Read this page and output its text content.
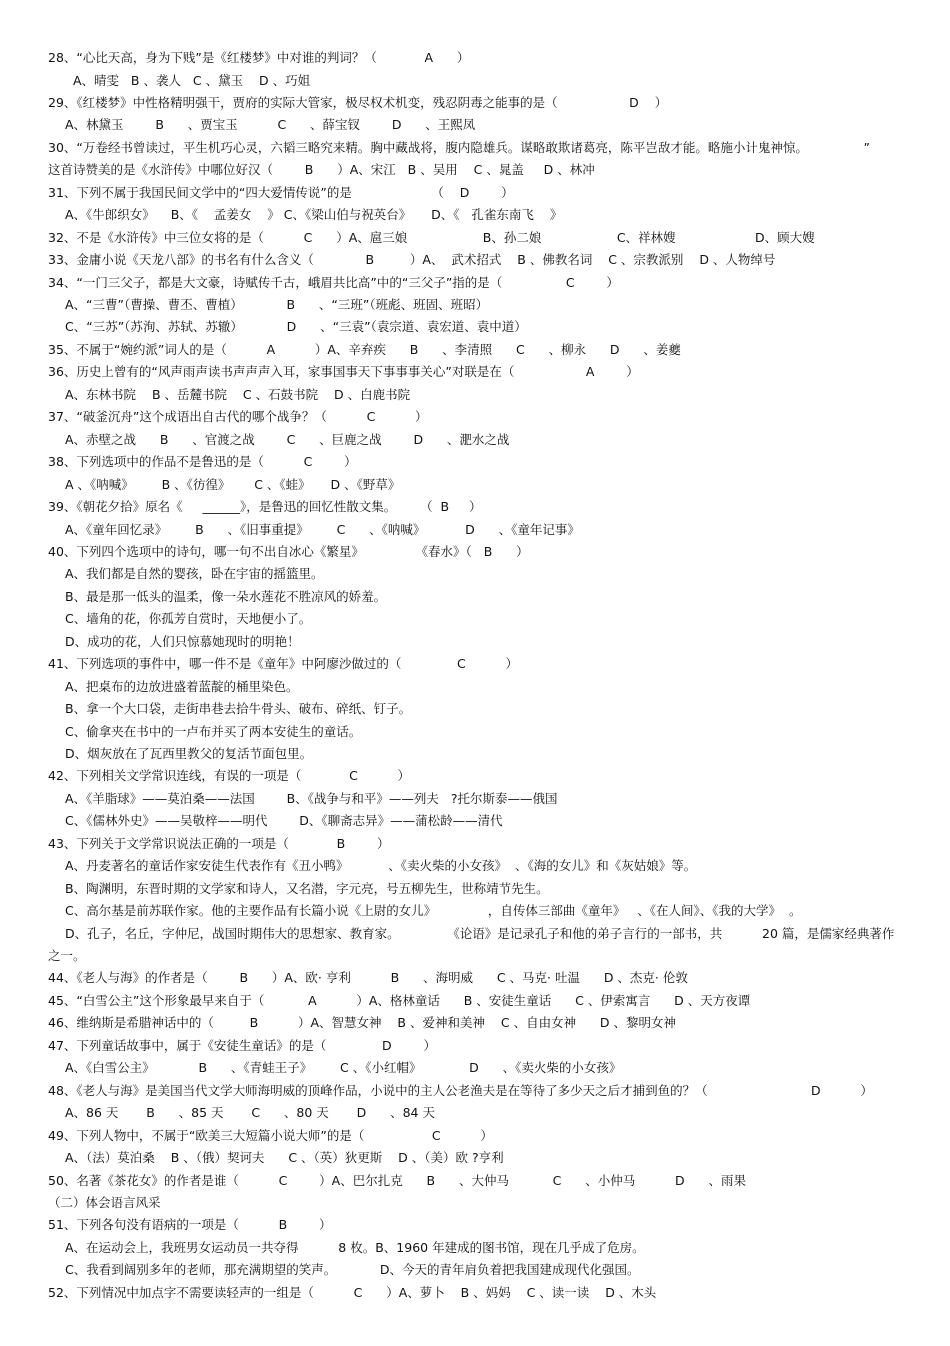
28、“心比天高，身为下贱”是《红楼梦》中对谁的判词？（            A      ）
A、晴雯   B 、袭人   C 、黛玉    D 、巧姐
29、《红楼梦》中性格精明强干，贾府的实际大管家，极尽权术机变，残忍阴毒之能事的是（                  D    ）
A、林黛玉        B      、贾宝玉          C      、薛宝钗        D      、王熙凤
30、“万卷经书曾读过，平生机巧心灵，六韬三略究来精。胸中藏战将，腹内隐雄兵。谋略敢欺诸葛亮，陈平岂敌才能。略施小计鬼神惊。              ”
这首诗赞美的是《水浒传》中哪位好汉（        B      ）A、宋江   B 、吴用    C 、晁盖     D 、林冲
31、下列不属于我国民间文学中的“四大爱情传说”的是                    （    D        ）
A、《牛郎织女》    B、《    孟姜女    》 C、《梁山伯与祝英台》     D、《   孔雀东南飞    》
32、不是《水浒传》中三位女将的是（          C      ）A、扈三娘                   B、孙二娘                   C、祥林嫂                    D、顾大嫂
33、金庸小说《天龙八部》的书名有什么含义（             B         ）A、  武术招式    B 、佛教名词    C 、宗教派别    D 、人物绰号
34、“一门三父子，都是大文豪，诗赋传千古，峨眉共比高”中的“三父子”指的是（                C        ）
A、“三曹”（曹操、曹丕、曹植）           B      、“三班”（班彪、班固、班昭）
C、“三苏”（苏洵、苏轼、苏辙）           D      、“三袁”（袁宗道、袁宏道、袁中道）
35、不属于“婉约派”词人的是（          A          ）A、辛弃疾      B      、李清照      C      、柳永      D      、姜夔
36、历史上曾有的“风声雨声读书声声声入耳，家事国事天下事事事关心”对联是在（                  A        ）
A、东林书院    B 、岳麓书院    C 、石鼓书院    D 、白鹿书院
37、“破釜沉舟”这个成语出自古代的哪个战争？（          C          ）
A、赤壁之战      B      、官渡之战        C      、巨鹿之战        D      、淝水之战
38、下列选项中的作品不是鲁迅的是（          C        ）
A 、《呐喊》       B 、《彷徨》      C 、《蛙》     D 、《野草》
39、《朝花夕拾》原名《     ______》，是鲁迅的回忆性散文集。      （  B     ）
A、《童年回忆录》       B      、《旧事重提》       C      、《呐喊》          D      、《童年记事》
40、下列四个选项中的诗句，哪一句不出自冰心《繁星》             《春水》（   B      ）
A、我们都是自然的婴孩，卧在宇宙的摇篮里。
B、最是那一低头的温柔，像一朵水莲花不胜凉风的娇羞。
C、墙角的花，你孤芳自赏时，天地便小了。
D、成功的花，人们只惊慕她现时的明艳！
41、下列选项的事件中，哪一件不是《童年》中阿廖沙做过的（              C          ）
A、把桌布的边放进盛着蓝靛的桶里染色。
B、拿一个大口袋，走街串巷去拾牛骨头、破布、碎纸、钉子。
C、偷拿夹在书中的一卢布并买了两本安徒生的童话。
D、烟灰放在了瓦西里教父的复活节面包里。
42、下列相关文学常识连线，有误的一项是（            C          ）
A、《羊脂球》——莫泊桑——法国        B、《战争与和平》——列夫   ?托尔斯泰——俄国
C、《儒林外史》——吴敬梓——明代        D、《聊斋志异》——蒲松龄——清代
43、下列关于文学常识说法正确的一项是（            B        ）
A、丹麦著名的童话作家安徒生代表作有《丑小鸭》          、《卖火柴的小女孩》  、《海的女儿》和《灰姑娘》等。
B、陶渊明，东晋时期的文学家和诗人，又名潜，字元亮，号五柳先生，世称靖节先生。
C、高尔基是前苏联作家。他的主要作品有长篇小说《上尉的女儿》             ，自传体三部曲《童年》   、《在人间》、《我的大学》  。
D、孔子，名丘，字仲尼，战国时期伟大的思想家、教育家。            《论语》是记录孔子和他的弟子言行的一部书，共          20 篇，是儒家经典著作
之一。
44、《老人与海》的作者是（        B      ）A、欧· 亨利          B      、海明威      C 、马克· 吐温      D 、杰克· 伦敦
45、“白雪公主”这个形象最早来自于（           A          ）A、格林童话      B 、安徒生童话      C 、伊索寓言      D 、天方夜谭
46、维纳斯是希腊神话中的（         B          ）A、智慧女神    B 、爱神和美神    C 、自由女神      D 、黎明女神
47、下列童话故事中，属于《安徒生童话》的是（              D        ）
A、《白雪公主》           B      、《青蛙王子》       C 、《小红帽》            D      、《卖火柴的小女孩》
48、《老人与海》是美国当代文学大师海明威的顶峰作品，小说中的主人公老渔夫是在等待了多少天之后才捕到鱼的？（                          D          ）
A、86 天       B      、85 天       C      、80 天       D      、84 天
49、下列人物中，不属于“欧美三大短篇小说大师”的是（                 C          ）
A、（法）莫泊桑    B 、（俄）契诃夫      C 、（英）狄更斯    D 、（美）欧 ?亨利
50、名著《茶花女》的作者是谁（          C        ）A、巴尔扎克      B      、大仲马           C      、小仲马          D      、雨果
（二）体会语言风采
51、下列各句没有语病的一项是（          B        ）
A、在运动会上，我班男女运动员一共夺得          8 枚。B、1960 年建成的图书馆，现在几乎成了危房。
C、我看到阔别多年的老师，那充满期望的笑声。           D、今天的青年肩负着把我国建成现代化强国。
52、下列情况中加点字不需要读轻声的一组是（          C      ）A、萝卜    B 、妈妈    C 、读一读    D 、木头
